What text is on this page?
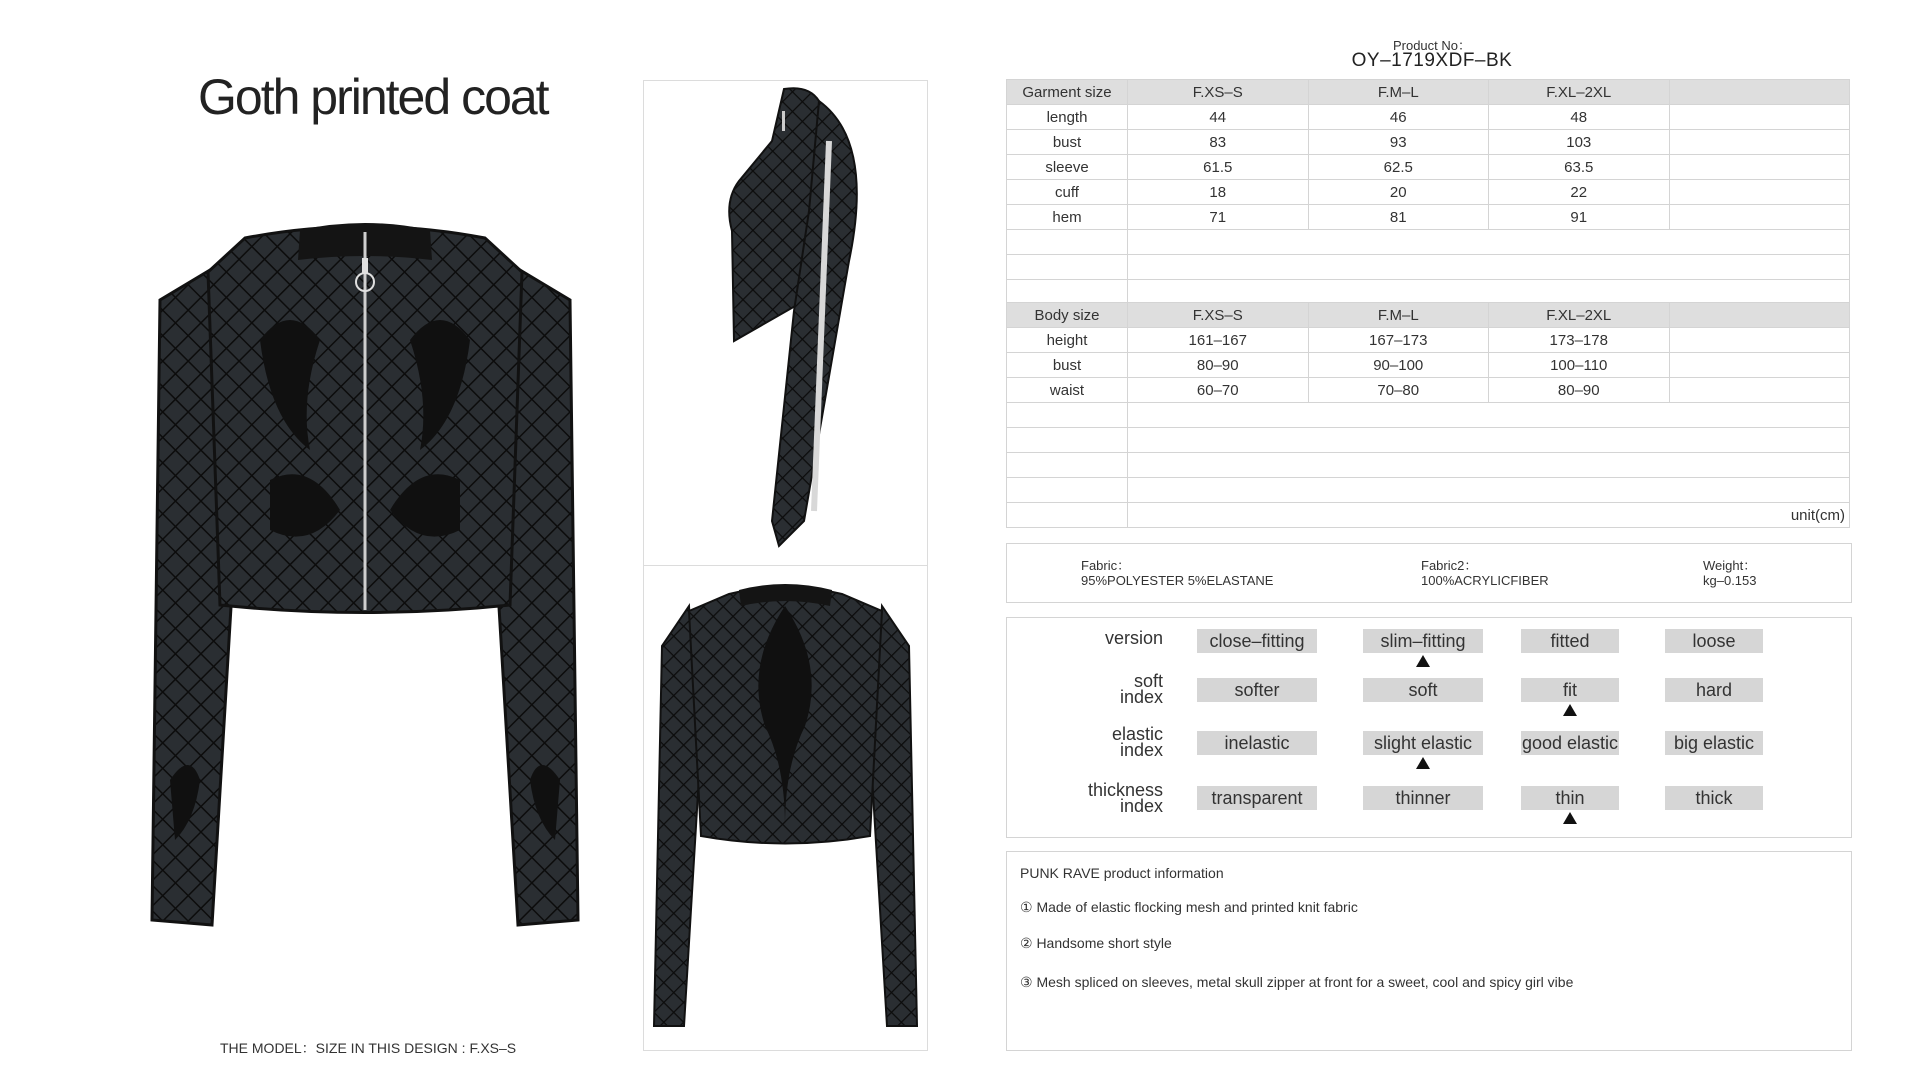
Goth printed coat
THE MODEL：SIZE IN THIS DESIGN : F.XS–S
Product No：
OY–1719XDF–BK
Garment size	F.XS–S	F.M–L	F.XL–2XL	
length	44	46	48	
bust	83	93	103	
sleeve	61.5	62.5	63.5	
cuff	18	20	22	
hem	71	81	91	

Body size	F.XS–S	F.M–L	F.XL–2XL	
height	161–167	167–173	173–178	
bust	80–90	90–100	100–110	
waist	60–70	70–80	80–90	

	unit(cm)			
Fabric：
95%POLYESTER 5%ELASTANE
Fabric2：
100%ACRYLICFIBER
Weight：
kg–0.153
version	close–fitting	slim–fitting	fitted	loose
soft
index	softer	soft	fit	hard
elastic
index	inelastic	slight elastic	good elastic	big elastic
thickness
index	transparent	thinner	thin	thick
PUNK RAVE product information
① Made of elastic flocking mesh and printed knit fabric
② Handsome short style
③ Mesh spliced on sleeves, metal skull zipper at front for a sweet, cool and spicy girl vibe
